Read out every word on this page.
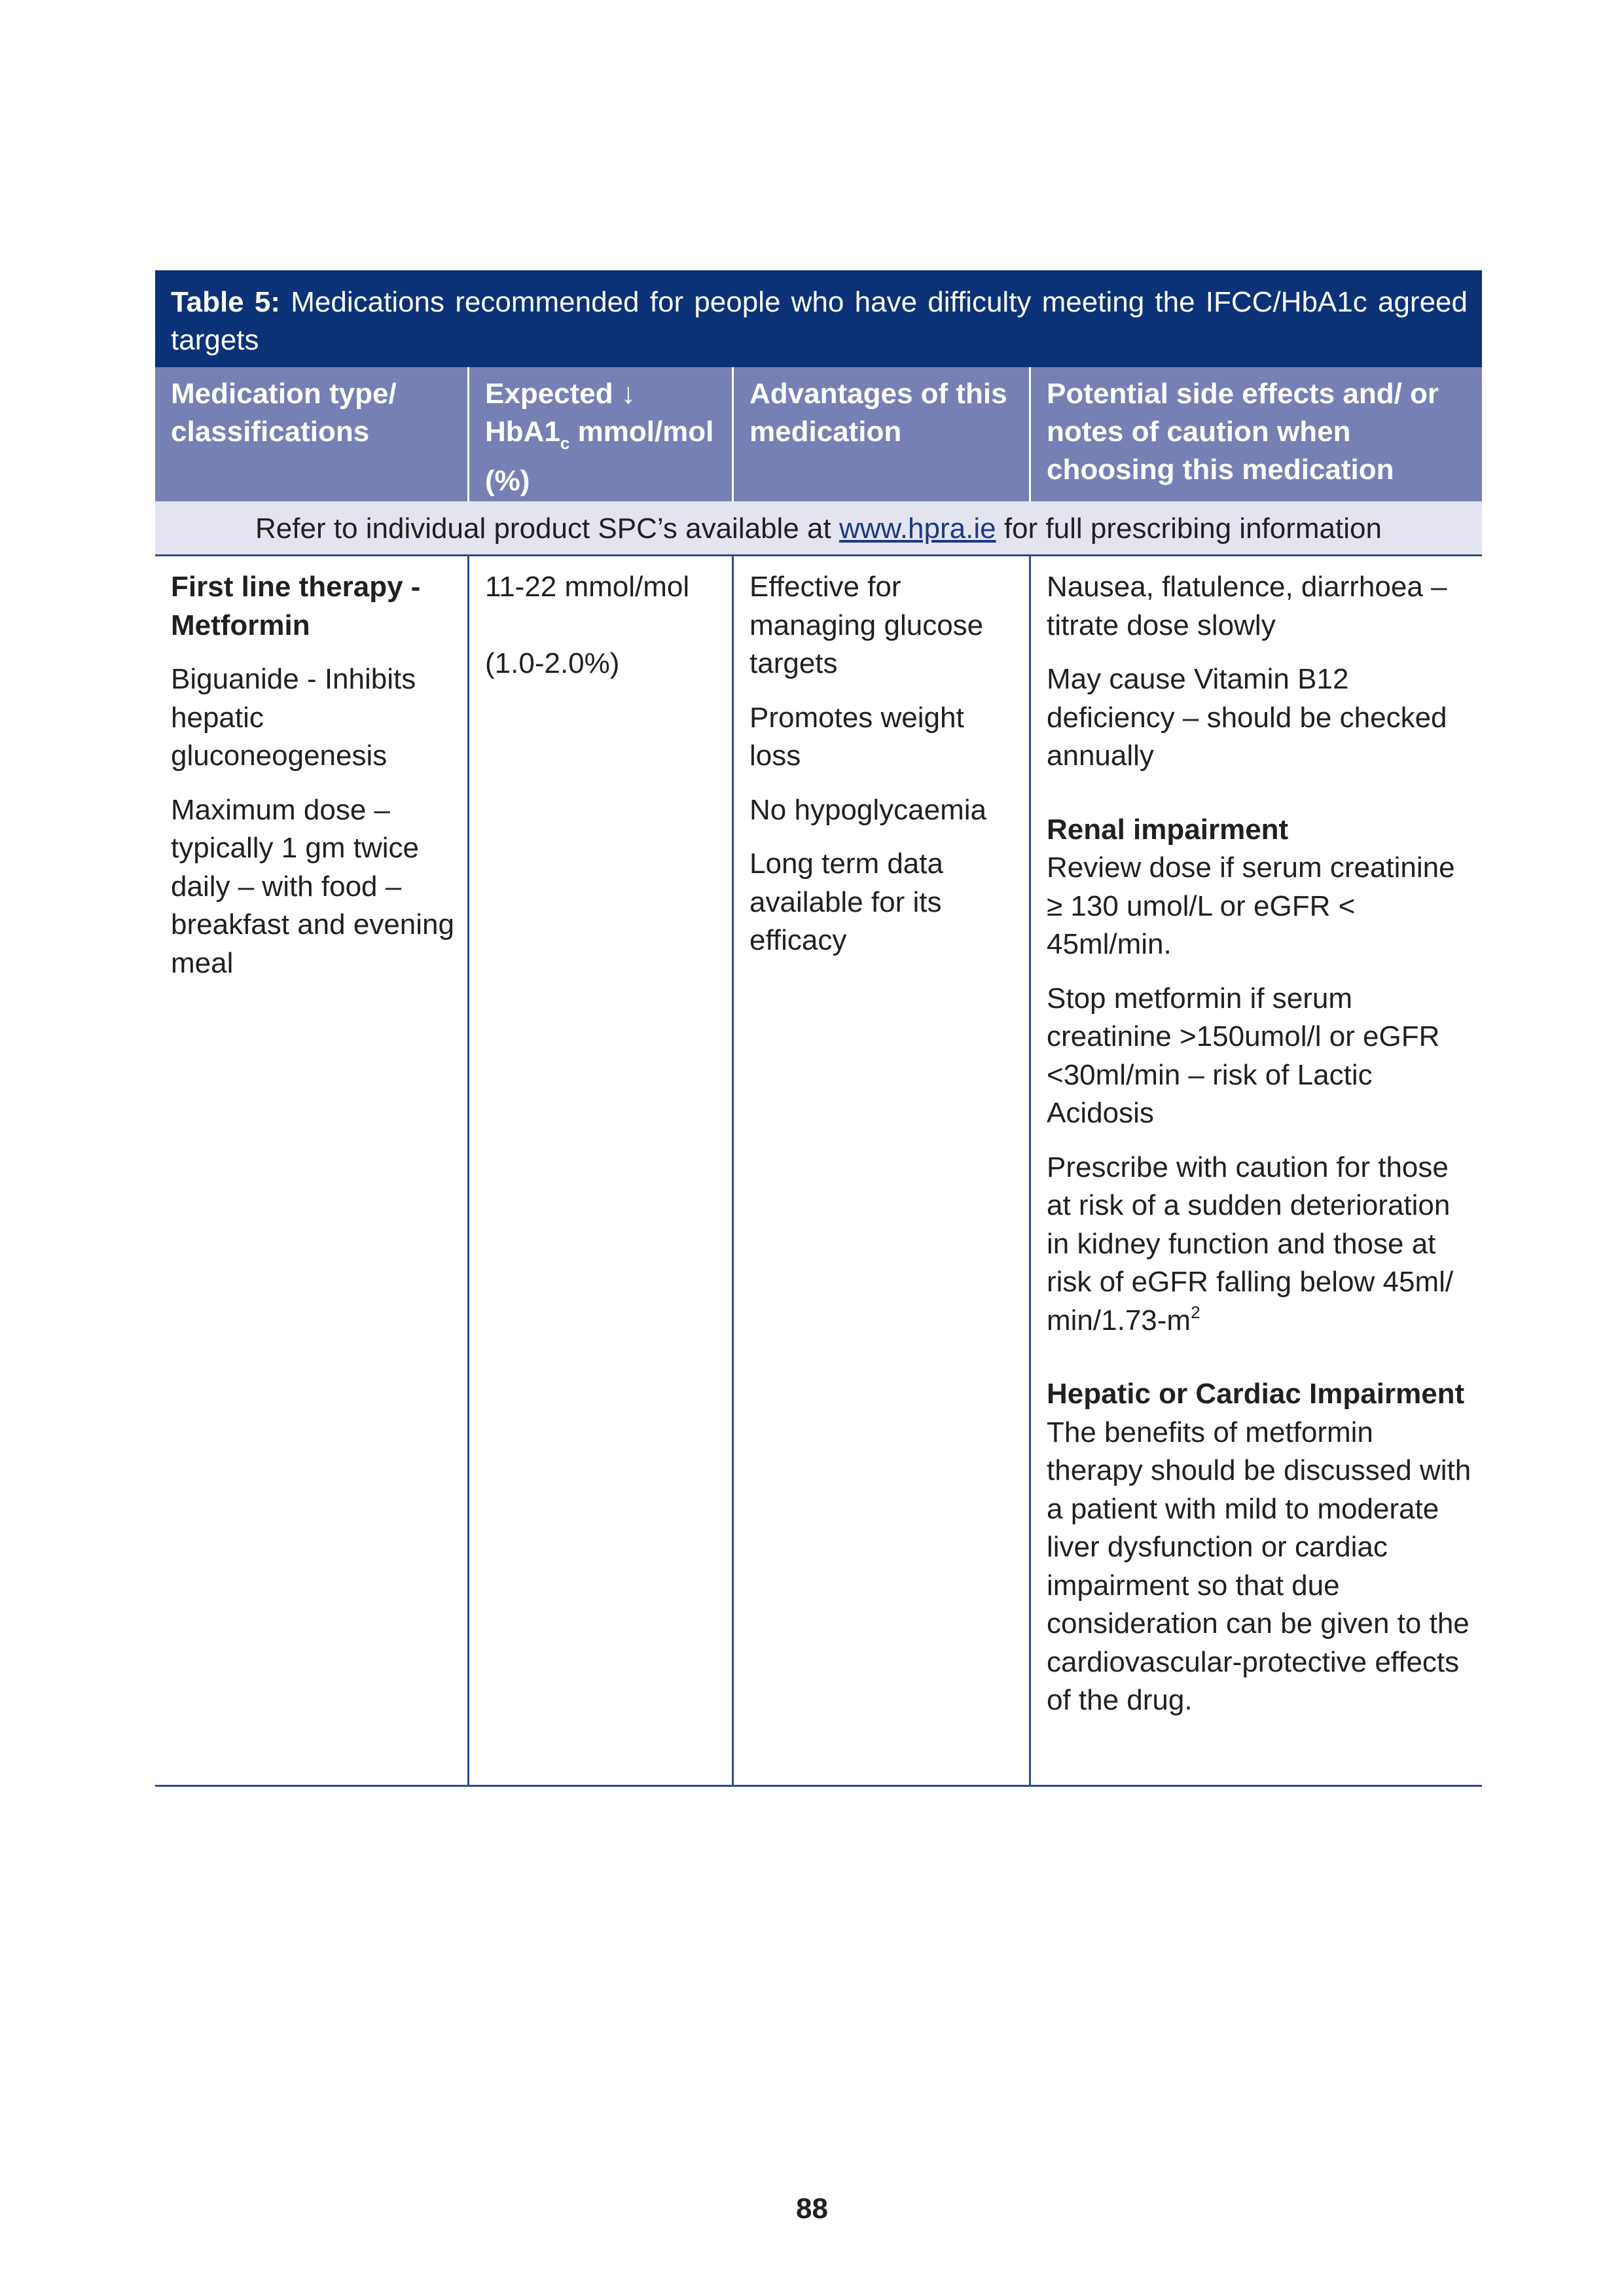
Table 5: Medications recommended for people who have difficulty meeting the IFCC/HbA1c agreed targets
Medication type/ classifications
Expected ↓
$HbA1_c$ mmol/mol (%)
Advantages of this medication
Potential side effects and/ or notes of caution when choosing this medication
Refer to individual product SPC’s available at www.hpra.ie for full prescribing information

First line therapy - Metformin

Biguanide - Inhibits hepatic gluconeogenesis

Maximum dose – typically 1 gm twice daily – with food – breakfast and evening meal

11-22 mmol/mol

(1.0-2.0%)

Effective for managing glucose targets

Promotes weight loss

No hypoglycaemia

Long term data available for its efficacy

Nausea, flatulence, diarrhoea – titrate dose slowly

May cause Vitamin B12 deficiency – should be checked annually

Renal impairment

Review dose if serum creatinine ≥ 130 umol/L or eGFR < 45ml/min.

Stop metformin if serum creatinine >150umol/l or eGFR <30ml/min – risk of Lactic Acidosis

Prescribe with caution for those at risk of a sudden deterioration in kidney function and those at risk of eGFR falling below 45ml/ $\min/1.73-m^2$

Hepatic or Cardiac Impairment

The benefits of metformin therapy should be discussed with a patient with mild to moderate liver dysfunction or cardiac impairment so that due consideration can be given to the cardiovascular-protective effects of the drug.

88
